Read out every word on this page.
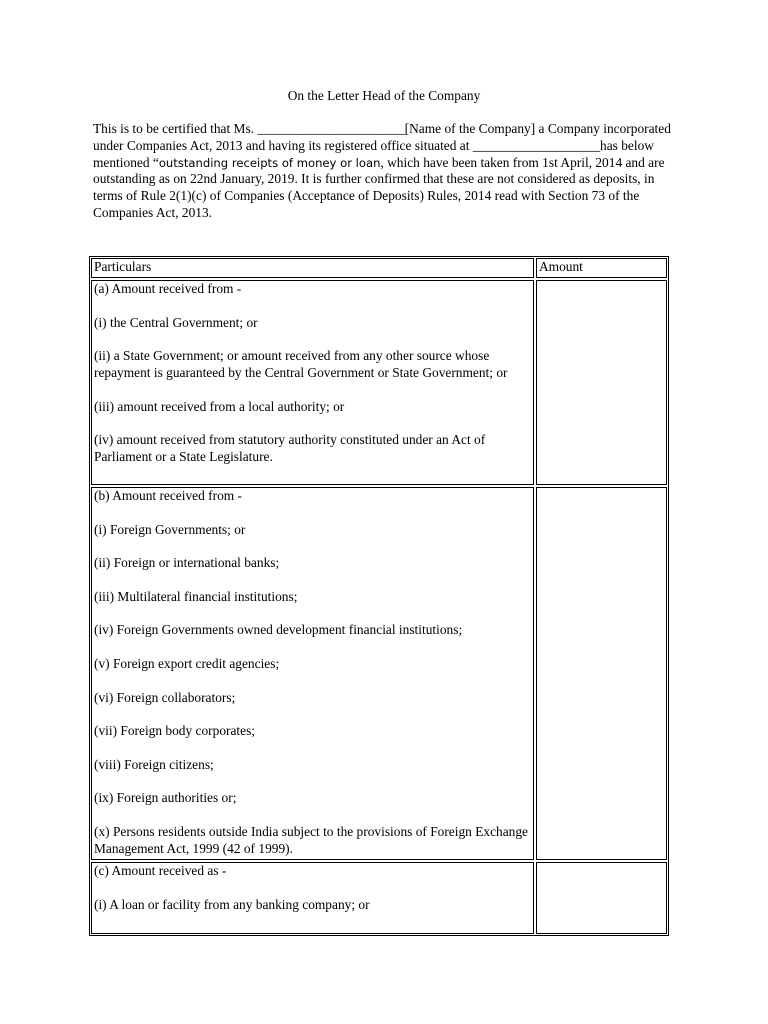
On the Letter Head of the Company
This is to be certified that Ms. ______________________[Name of the Company] a Company incorporated under Companies Act, 2013 and having its registered office situated at ___________________has below mentioned “outstanding receipts of money or loan, which have been taken from 1st April, 2014 and are outstanding as on 22nd January, 2019. It is further confirmed that these are not considered as deposits, in terms of Rule 2(1)(c) of Companies (Acceptance of Deposits) Rules, 2014 read with Section 73 of the Companies Act, 2013.
Particulars	Amount

(a) Amount received from -

(i) the Central Government; or

(ii) a State Government; or amount received from any other source whose repayment is guaranteed by the Central Government or State Government; or

(iii) amount received from a local authority; or

(iv) amount received from statutory authority constituted under an Act of Parliament or a State Legislature.

(b) Amount received from -

(i) Foreign Governments; or

(ii) Foreign or international banks;

(iii) Multilateral financial institutions;

(iv) Foreign Governments owned development financial institutions;

(v) Foreign export credit agencies;

(vi) Foreign collaborators;

(vii) Foreign body corporates;

(viii) Foreign citizens;

(ix) Foreign authorities or;

(x) Persons residents outside India subject to the provisions of Foreign Exchange Management Act, 1999 (42 of 1999).

(c) Amount received as -

(i) A loan or facility from any banking company; or
